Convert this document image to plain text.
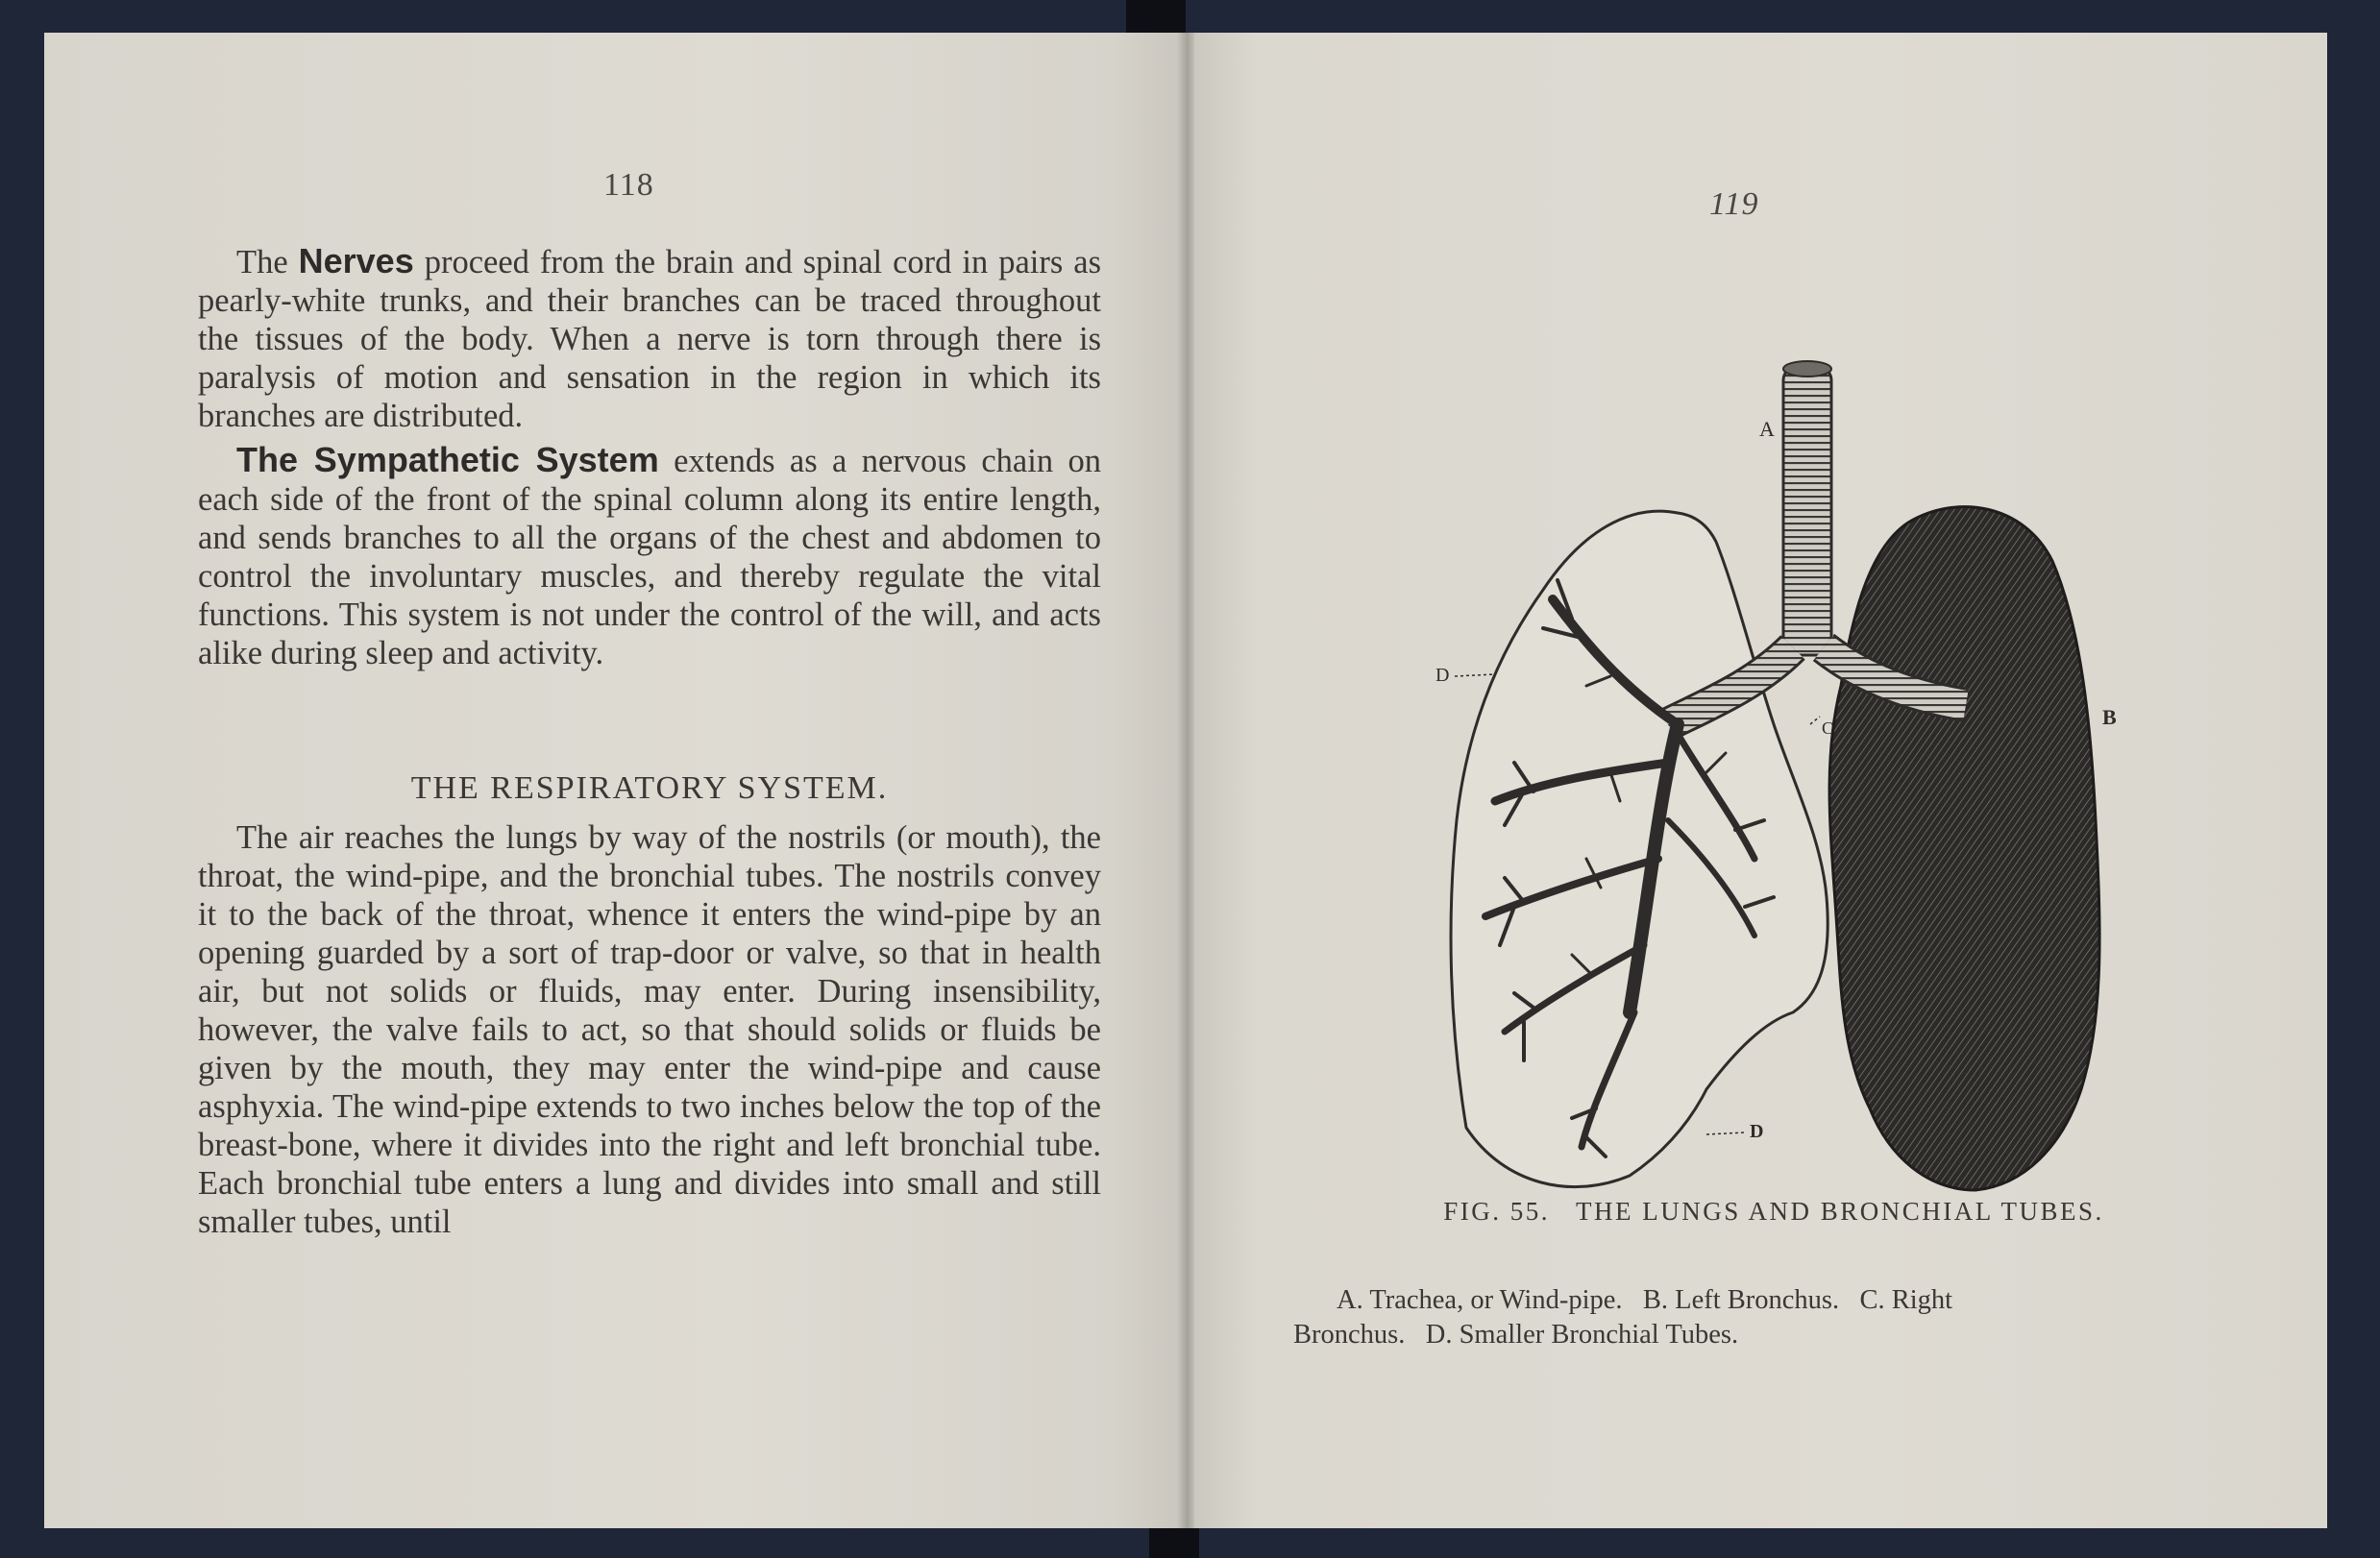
118

The Nerves proceed from the brain and spinal cord in pairs as pearly-white trunks, and their branches can be traced throughout the tissues of the body. When a nerve is torn through there is paralysis of motion and sensation in the region in which its branches are distributed.

The Sympathetic System extends as a nervous chain on each side of the front of the spinal column along its entire length, and sends branches to all the organs of the chest and abdomen to control the involuntary muscles, and thereby regulate the vital functions. This system is not under the control of the will, and acts alike during sleep and activity.

THE RESPIRATORY SYSTEM.

The air reaches the lungs by way of the nostrils (or mouth), the throat, the wind-pipe, and the bronchial tubes. The nostrils convey it to the back of the throat, whence it enters the wind-pipe by an opening guarded by a sort of trap-door or valve, so that in health air, but not solids or fluids, may enter. During insensibility, however, the valve fails to act, so that should solids or fluids be given by the mouth, they may enter the wind-pipe and cause asphyxia. The wind-pipe extends to two inches below the top of the breast-bone, where it divides into the right and left bronchial tube. Each bronchial tube enters a lung and divides into small and still smaller tubes, until

119
A
B
C
D
D
FIG. 55. THE LUNGS AND BRONCHIAL TUBES.
A. Trachea, or Wind-pipe.   B. Left Bronchus.   C. Right
Bronchus.   D. Smaller Bronchial Tubes.
